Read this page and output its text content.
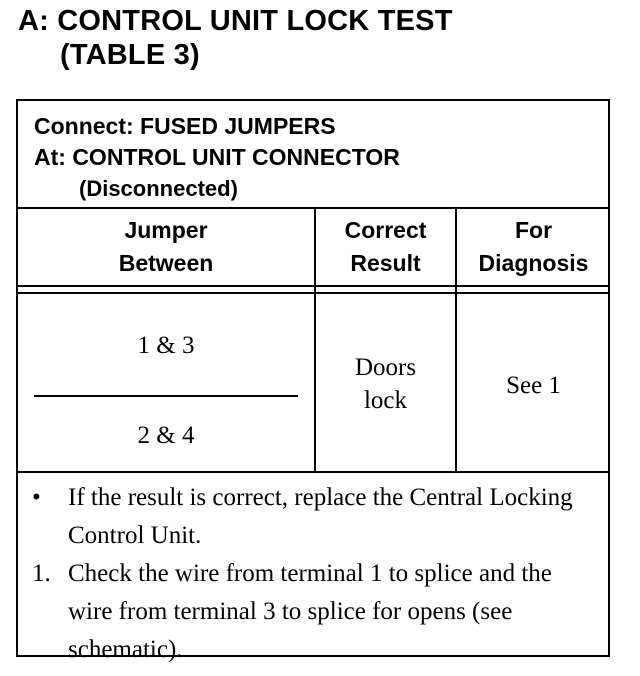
A: CONTROL UNIT LOCK TEST
(TABLE 3)
Connect: FUSED JUMPERS
At: CONTROL UNIT CONNECTOR
(Disconnected)
Jumper
Between
Correct
Result
For
Diagnosis
1 & 3
2 & 4
Doors
lock
See 1
• If the result is correct, replace the Central Locking Control Unit.
1. Check the wire from terminal 1 to splice and the wire from terminal 3 to splice for opens (see schematic).
